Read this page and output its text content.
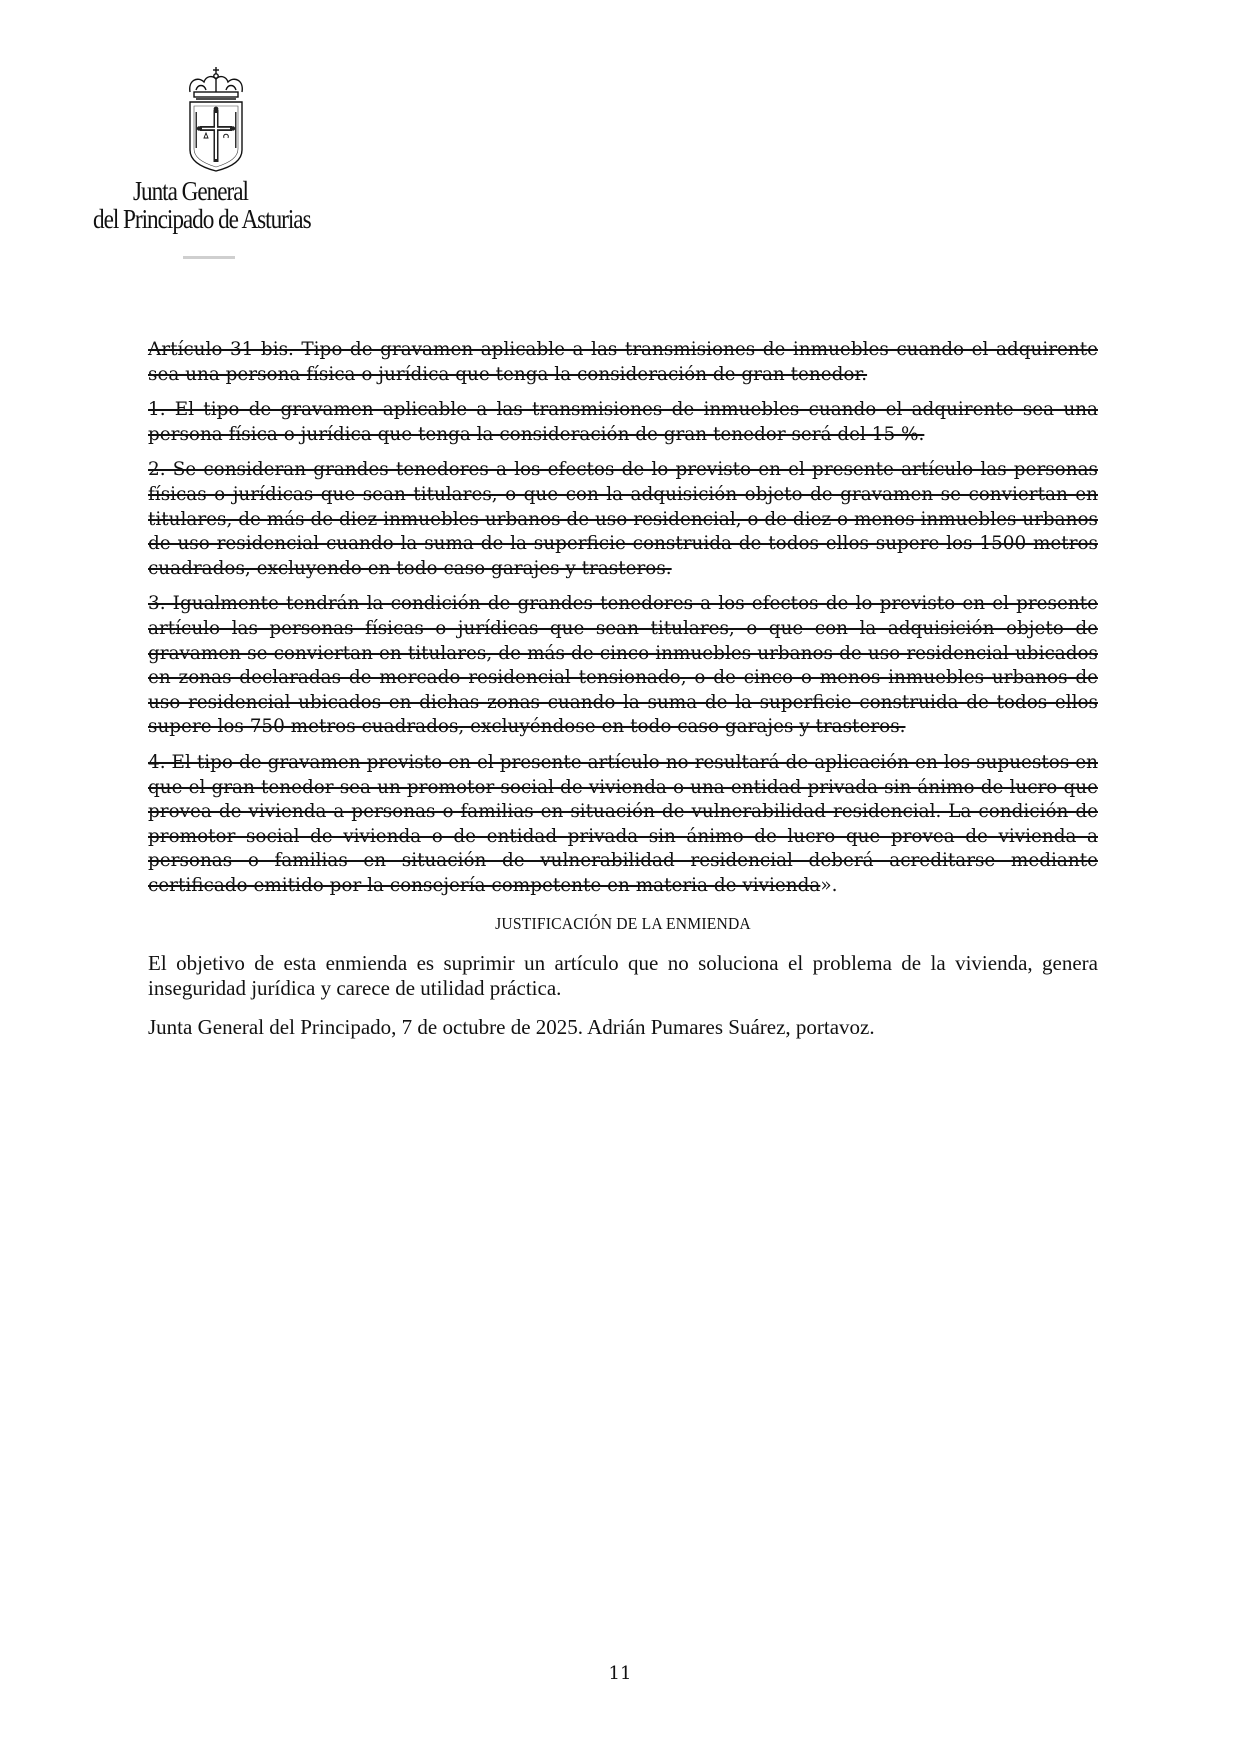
Junta General
del Principado de Asturias

Artículo 31 bis. Tipo de gravamen aplicable a las transmisiones de inmuebles cuando el adquirente sea una persona física o jurídica que tenga la consideración de gran tenedor.

1. El tipo de gravamen aplicable a las transmisiones de inmuebles cuando el adquirente sea una persona física o jurídica que tenga la consideración de gran tenedor será del 15 %.

2. Se consideran grandes tenedores a los efectos de lo previsto en el presente artículo las personas físicas o jurídicas que sean titulares, o que con la adquisición objeto de gravamen se conviertan en titulares, de más de diez inmuebles urbanos de uso residencial, o de diez o menos inmuebles urbanos de uso residencial cuando la suma de la superficie construida de todos ellos supere los 1500 metros cuadrados, excluyendo en todo caso garajes y trasteros.

3. Igualmente tendrán la condición de grandes tenedores a los efectos de lo previsto en el presente artículo las personas físicas o jurídicas que sean titulares, o que con la adquisición objeto de gravamen se conviertan en titulares, de más de cinco inmuebles urbanos de uso residencial ubicados en zonas declaradas de mercado residencial tensionado, o de cinco o menos inmuebles urbanos de uso residencial ubicados en dichas zonas cuando la suma de la superficie construida de todos ellos supere los 750 metros cuadrados, excluyéndose en todo caso garajes y trasteros.

4. El tipo de gravamen previsto en el presente artículo no resultará de aplicación en los supuestos en que el gran tenedor sea un promotor social de vivienda o una entidad privada sin ánimo de lucro que provea de vivienda a personas o familias en situación de vulnerabilidad residencial. La condición de promotor social de vivienda o de entidad privada sin ánimo de lucro que provea de vivienda a personas o familias en situación de vulnerabilidad residencial deberá acreditarse mediante certificado emitido por la consejería competente en materia de vivienda».

JUSTIFICACIÓN DE LA ENMIENDA

El objetivo de esta enmienda es suprimir un artículo que no soluciona el problema de la vivienda, genera inseguridad jurídica y carece de utilidad práctica.

Junta General del Principado, 7 de octubre de 2025. Adrián Pumares Suárez, portavoz.

11
